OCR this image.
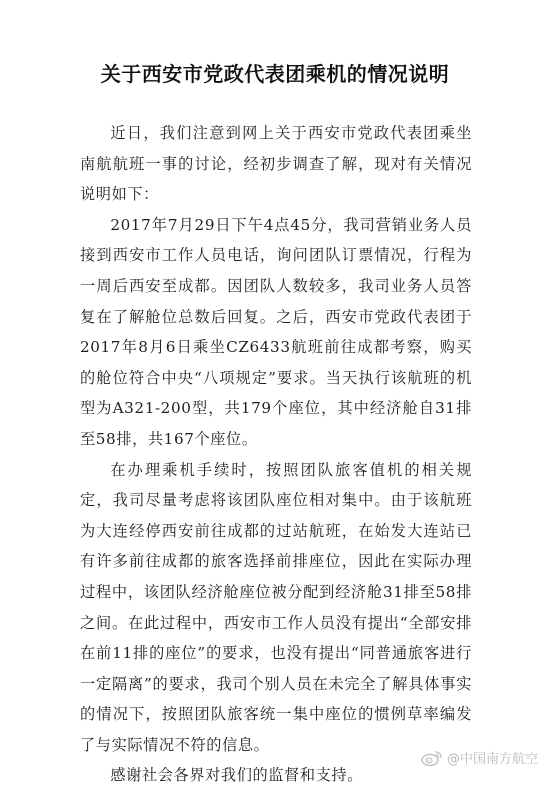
关于西安市党政代表团乘机的情况说明

近日，我们注意到网上关于西安市党政代表团乘坐南航航班一事的讨论，经初步调查了解，现对有关情况说明如下：

2017年7月29日下午4点45分，我司营销业务人员接到西安市工作人员电话，询问团队订票情况，行程为一周后西安至成都。因团队人数较多，我司业务人员答复在了解舱位总数后回复。之后，西安市党政代表团于2017年8月6日乘坐CZ6433航班前往成都考察，购买的舱位符合中央“八项规定”要求。当天执行该航班的机型为A321-200型，共179个座位，其中经济舱自31排至58排，共167个座位。

在办理乘机手续时，按照团队旅客值机的相关规定，我司尽量考虑将该团队座位相对集中。由于该航班为大连经停西安前往成都的过站航班，在始发大连站已有许多前往成都的旅客选择前排座位，因此在实际办理过程中，该团队经济舱座位被分配到经济舱31排至58排之间。在此过程中，西安市工作人员没有提出“全部安排在前11排的座位”的要求，也没有提出“同普通旅客进行一定隔离”的要求，我司个别人员在未完全了解具体事实的情况下，按照团队旅客统一集中座位的惯例草率编发了与实际情况不符的信息。

感谢社会各界对我们的监督和支持。

@中国南方航空
